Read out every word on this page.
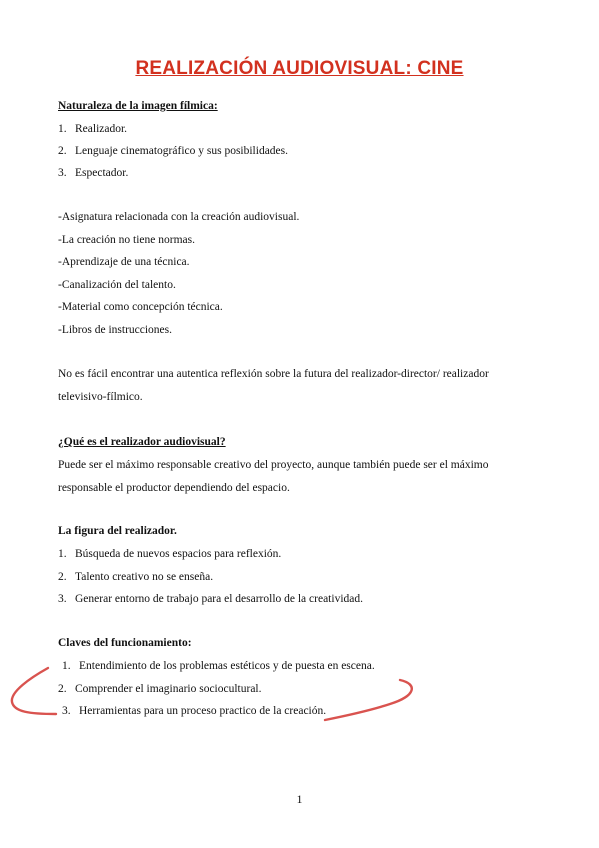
REALIZACIÓN AUDIOVISUAL: CINE
Naturaleza de la imagen fílmica:
1. Realizador.
2. Lenguaje cinematográfico y sus posibilidades.
3. Espectador.
-Asignatura relacionada con la creación audiovisual.
-La creación no tiene normas.
-Aprendizaje de una técnica.
-Canalización del talento.
-Material como concepción técnica.
-Libros de instrucciones.
No es fácil encontrar una autentica reflexión sobre la futura del realizador-director/ realizador
televisivo-fílmico.
¿Qué es el realizador audiovisual?
Puede ser el máximo responsable creativo del proyecto, aunque también puede ser el máximo
responsable el productor dependiendo del espacio.
La figura del realizador.
1. Búsqueda de nuevos espacios para reflexión.
2. Talento creativo no se enseña.
3. Generar entorno de trabajo para el desarrollo de la creatividad.
Claves del funcionamiento:
1. Entendimiento de los problemas estéticos y de puesta en escena.
2. Comprender el imaginario sociocultural.
3. Herramientas para un proceso practico de la creación.
1
